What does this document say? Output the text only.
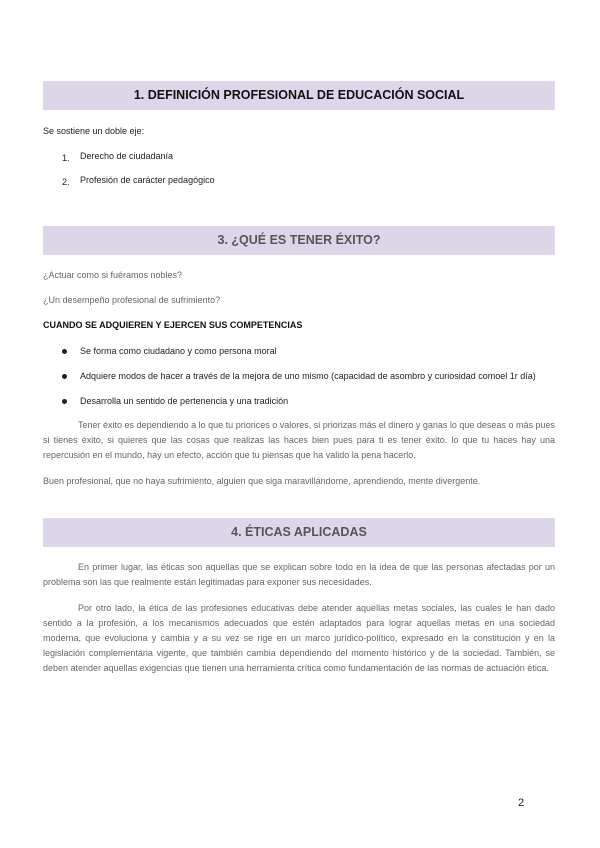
1. DEFINICIÓN PROFESIONAL DE EDUCACIÓN SOCIAL
Se sostiene un doble eje:
1. Derecho de ciudadanía
2. Profesión de carácter pedagógico
3. ¿QUÉ ES TENER ÉXITO?
¿Actuar como si fuéramos nobles?
¿Un desempeño profesional de sufrimiento?
CUANDO SE ADQUIEREN Y EJERCEN SUS COMPETENCIAS
Se forma como ciudadano y como persona moral
Adquiere modos de hacer a través de la mejora de uno mismo (capacidad de asombro y curiosidad comoel 1r día)
Desarrolla un sentido de pertenencia y una tradición
Tener éxito es dependiendo a lo que tu priorices o valores, si priorizas más el dinero y ganas lo que deseas o más pues si tienes éxito, si quieres que las cosas que realizas las haces bien pues para ti es tener éxito. lo que tu haces hay una repercusión en el mundo, hay un efecto, acción que tu piensas que ha valido la pena hacerlo.
Buen profesional, que no haya sufrimiento, alguien que siga maravillándome, aprendiendo, mente divergente.
4. ÉTICAS APLICADAS
En primer lugar, las éticas son aquellas que se explican sobre todo en la idea de que las personas afectadas por un problema son las que realmente están legitimadas para exponer sus necesidades.
Por otro lado, la ética de las profesiones educativas debe atender aquellas metas sociales, las cuales le han dado sentido a la profesión, a los mecanismos adecuados que estén adaptados para lograr aquellas metas en una sociedad moderna, que evoluciona y cambia y a su vez se rige en un marco jurídico-político, expresado en la constitución y en la legislación complementaria vigente, que también cambia dependiendo del momento histórico y de la sociedad. También, se deben atender aquellas exigencias que tienen una herramienta crítica como fundamentación de las normas de actuación ética.
2
